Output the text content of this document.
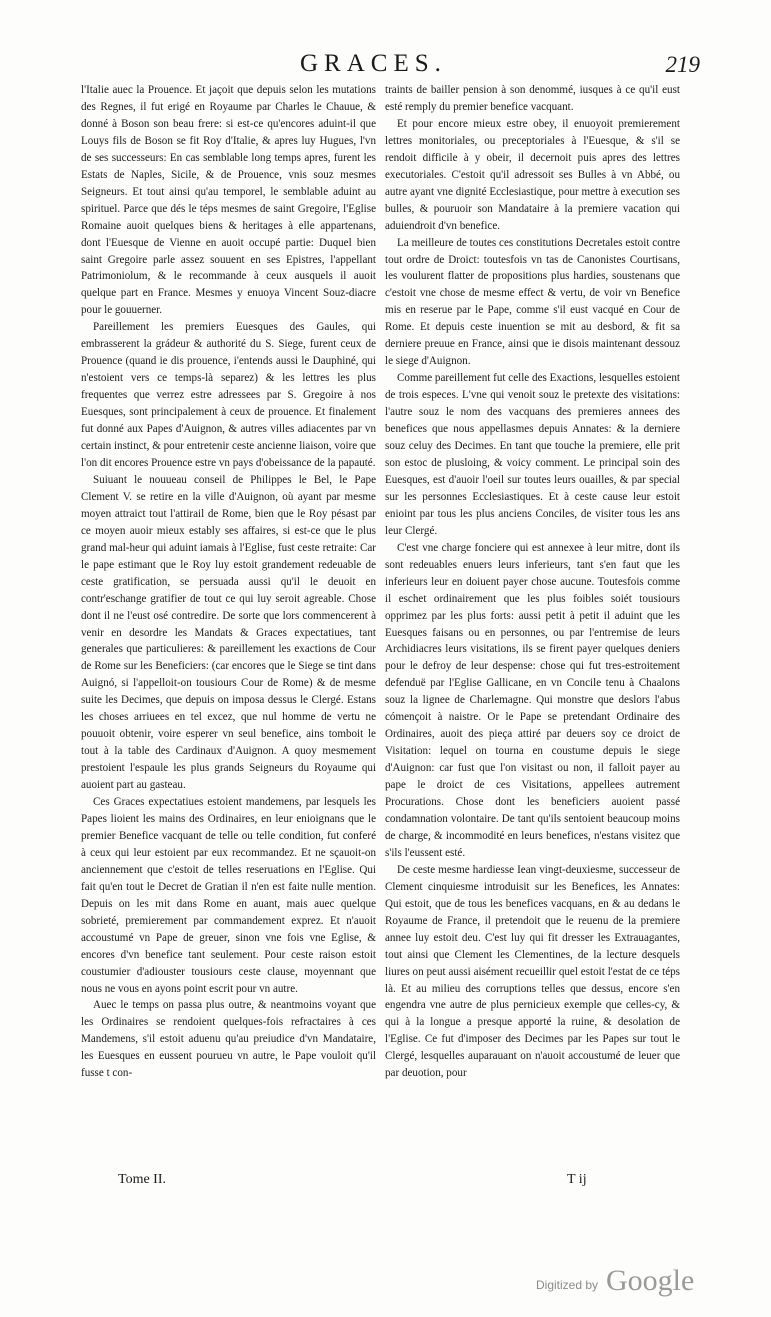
GRACES.	219

l'Italie auec la Prouence. Et jaçoit que depuis selon les mutations des Regnes, il fut erigé en Royaume par Charles le Chauue, & donné à Boson son beau frere: si est-ce qu'encores aduint-il que Louys fils de Boson se fit Roy d'Italie, & apres luy Hugues, l'vn de ses successeurs: En cas semblable long temps apres, furent les Estats de Naples, Sicile, & de Prouence, vnis souz mesmes Seigneurs. Et tout ainsi qu'au temporel, le semblable aduint au spirituel. Parce que dés le téps mesmes de saint Gregoire, l'Eglise Romaine auoit quelques biens & heritages à elle appartenans, dont l'Euesque de Vienne en auoit occupé partie: Duquel bien saint Gregoire parle assez souuent en ses Epistres, l'appellant Patrimoniolum, & le recommande à ceux ausquels il auoit quelque part en France. Mesmes y enuoya Vincent Souz-diacre pour le gouuerner.

Pareillement les premiers Euesques des Gaules, qui embrasserent la grádeur & authorité du S. Siege, furent ceux de Prouence (quand ie dis prouence, i'entends aussi le Dauphiné, qui n'estoient vers ce temps-là separez) & les lettres les plus frequentes que verrez estre adressees par S. Gregoire à nos Euesques, sont principalement à ceux de prouence. Et finalement fut donné aux Papes d'Auignon, & autres villes adiacentes par vn certain instinct, & pour entretenir ceste ancienne liaison, voire que l'on dit encores Prouence estre vn pays d'obeissance de la papauté.

Suiuant le nouueau conseil de Philippes le Bel, le Pape Clement V. se retire en la ville d'Auignon, où ayant par mesme moyen attraict tout l'attirail de Rome, bien que le Roy pésast par ce moyen auoir mieux estably ses affaires, si est-ce que le plus grand mal-heur qui aduint iamais à l'Eglise, fust ceste retraite: Car le pape estimant que le Roy luy estoit grandement redeuable de ceste gratification, se persuada aussi qu'il le deuoit en contr'eschange gratifier de tout ce qui luy seroit agreable. Chose dont il ne l'eust osé contredire. De sorte que lors commencerent à venir en desordre les Mandats & Graces expectatiues, tant generales que particulieres: & pareillement les exactions de Cour de Rome sur les Beneficiers: (car encores que le Siege se tint dans Auignó, si l'appelloit-on tousiours Cour de Rome) & de mesme suite les Decimes, que depuis on imposa dessus le Clergé. Estans les choses arriuees en tel excez, que nul homme de vertu ne pouuoit obtenir, voire esperer vn seul benefice, ains tomboit le tout à la table des Cardinaux d'Auignon. A quoy mesmement prestoient l'espaule les plus grands Seigneurs du Royaume qui auoient part au gasteau.

Ces Graces expectatiues estoient mandemens, par lesquels les Papes lioient les mains des Ordinaires, en leur enioignans que le premier Benefice vacquant de telle ou telle condition, fut conferé à ceux qui leur estoient par eux recommandez. Et ne sçauoit-on anciennement que c'estoit de telles reseruations en l'Eglise. Qui fait qu'en tout le Decret de Gratian il n'en est faite nulle mention. Depuis on les mit dans Rome en auant, mais auec quelque sobrieté, premierement par commandement exprez. Et n'auoit accoustumé vn Pape de greuer, sinon vne fois vne Eglise, & encores d'vn benefice tant seulement. Pour ceste raison estoit coustumier d'adiouster tousiours ceste clause, moyennant que nous ne vous en ayons point escrit pour vn autre.

Auec le temps on passa plus outre, & neantmoins voyant que les Ordinaires se rendoient quelques-fois refractaires à ces Mandemens, s'il estoit aduenu qu'au preiudice d'vn Mandataire, les Euesques en eussent pourueu vn autre, le Pape vouloit qu'il fusse t con-

traints de bailler pension à son denommé, iusques à ce qu'il eust esté remply du premier benefice vacquant.

Et pour encore mieux estre obey, il enuoyoit premierement lettres monitoriales, ou preceptoriales à l'Euesque, & s'il se rendoit difficile à y obeir, il decernoit puis apres des lettres executoriales. C'estoit qu'il adressoit ses Bulles à vn Abbé, ou autre ayant vne dignité Ecclesiastique, pour mettre à execution ses bulles, & pouruoir son Mandataire à la premiere vacation qui aduiendroit d'vn benefice.

La meilleure de toutes ces constitutions Decretales estoit contre tout ordre de Droict: toutesfois vn tas de Canonistes Courtisans, les voulurent flatter de propositions plus hardies, soustenans que c'estoit vne chose de mesme effect & vertu, de voir vn Benefice mis en reserue par le Pape, comme s'il eust vacqué en Cour de Rome. Et depuis ceste inuention se mit au desbord, & fit sa derniere preuue en France, ainsi que ie disois maintenant dessouz le siege d'Auignon.

Comme pareillement fut celle des Exactions, lesquelles estoient de trois especes. L'vne qui venoit souz le pretexte des visitations: l'autre souz le nom des vacquans des premieres annees des benefices que nous appellasmes depuis Annates: & la derniere souz celuy des Decimes. En tant que touche la premiere, elle prit son estoc de plusloing, & voicy comment. Le principal soin des Euesques, est d'auoir l'oeil sur toutes leurs ouailles, & par special sur les personnes Ecclesiastiques. Et à ceste cause leur estoit enioint par tous les plus anciens Conciles, de visiter tous les ans leur Clergé.

C'est vne charge fonciere qui est annexee à leur mitre, dont ils sont redeuables enuers leurs inferieurs, tant s'en faut que les inferieurs leur en doiuent payer chose aucune. Toutesfois comme il eschet ordinairement que les plus foibles soiét tousiours opprimez par les plus forts: aussi petit à petit il aduint que les Euesques faisans ou en personnes, ou par l'entremise de leurs Archidiacres leurs visitations, ils se firent payer quelques deniers pour le defroy de leur despense: chose qui fut tres-estroitement defenduë par l'Eglise Gallicane, en vn Concile tenu à Chaalons souz la lignee de Charlemagne. Qui monstre que deslors l'abus cómençoit à naistre. Or le Pape se pretendant Ordinaire des Ordinaires, auoit des pieça attiré par deuers soy ce droict de Visitation: lequel on tourna en coustume depuis le siege d'Auignon: car fust que l'on visitast ou non, il falloit payer au pape le droict de ces Visitations, appellees autrement Procurations. Chose dont les beneficiers auoient passé condamnation volontaire. De tant qu'ils sentoient beaucoup moins de charge, & incommodité en leurs benefices, n'estans visitez que s'ils l'eussent esté.

De ceste mesme hardiesse Iean vingt-deuxiesme, successeur de Clement cinquiesme introduisit sur les Benefices, les Annates: Qui estoit, que de tous les benefices vacquans, en & au dedans le Royaume de France, il pretendoit que le reuenu de la premiere annee luy estoit deu. C'est luy qui fit dresser les Extrauagantes, tout ainsi que Clement les Clementines, de la lecture desquels liures on peut aussi aisément recueillir quel estoit l'estat de ce téps là. Et au milieu des corruptions telles que dessus, encore s'en engendra vne autre de plus pernicieux exemple que celles-cy, & qui à la longue a presque apporté la ruine, & desolation de l'Eglise. Ce fut d'imposer des Decimes par les Papes sur tout le Clergé, lesquelles auparauant on n'auoit accoustumé de leuer que par deuotion, pour

Tome II.	T ij
Digitized by Google
